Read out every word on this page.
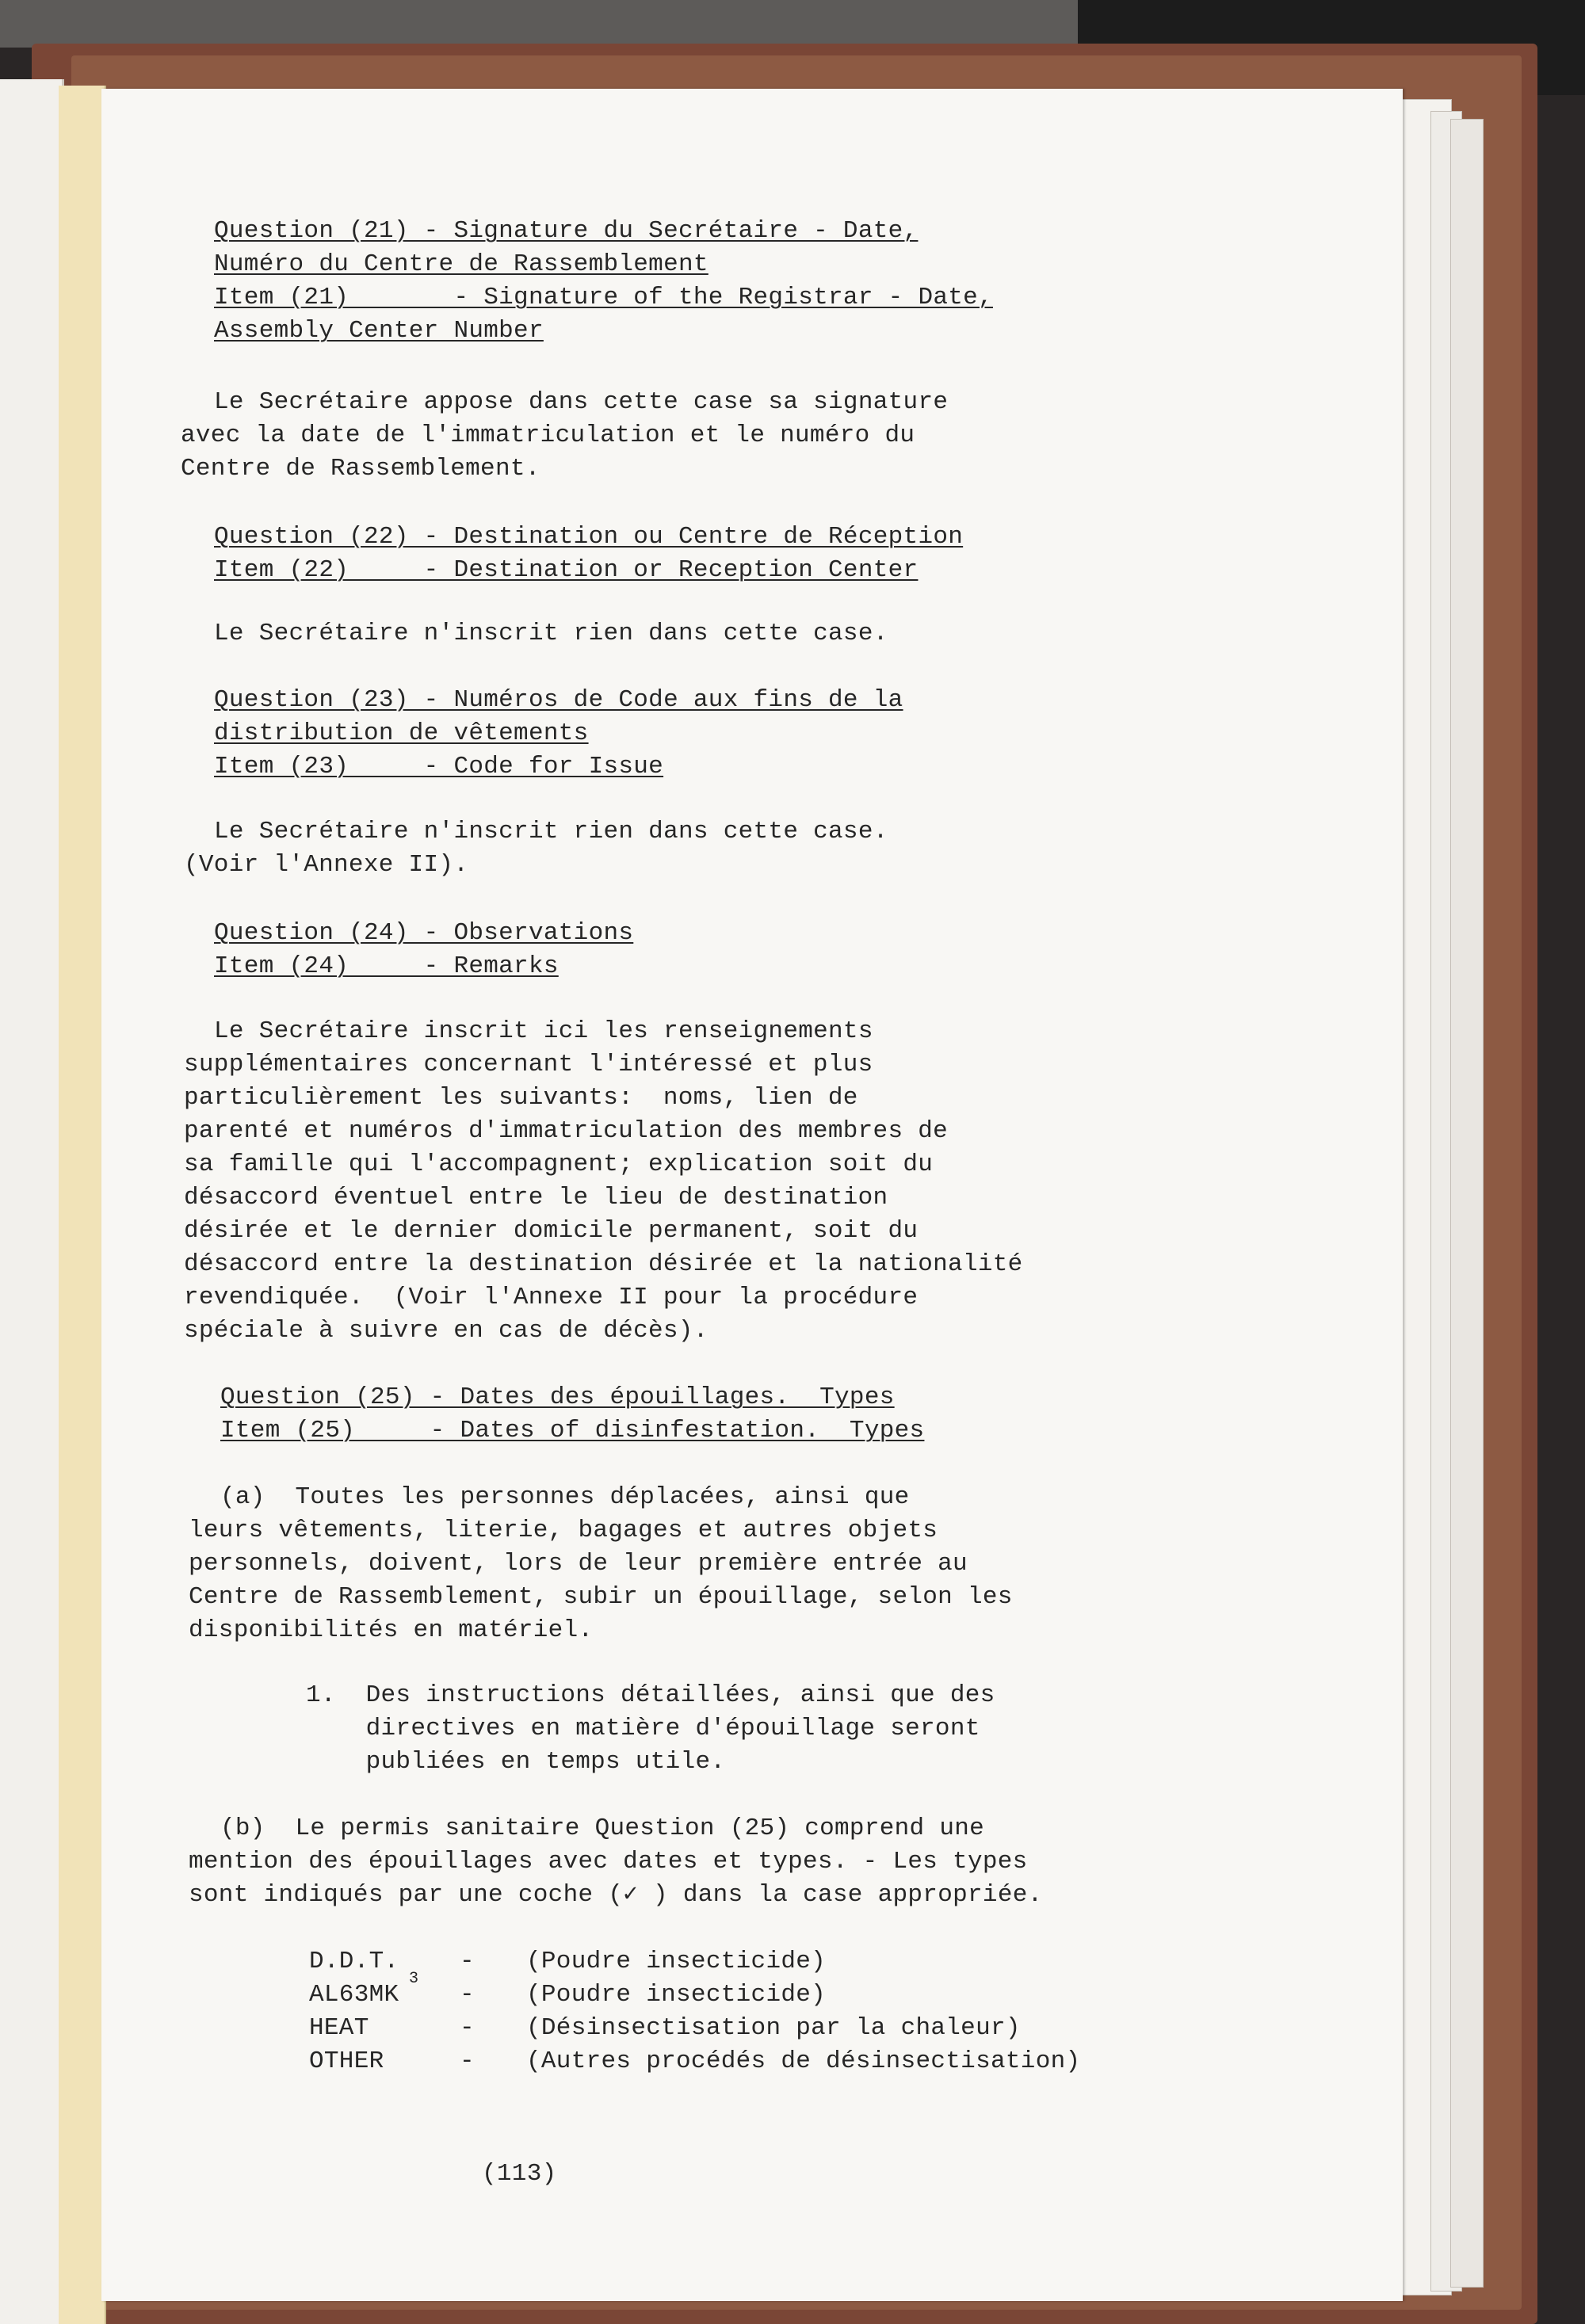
Question (21) - Signature du Secrétaire - Date,

Numéro du Centre de Rassemblement

Item (21)       - Signature of the Registrar - Date,

Assembly Center Number

Le Secrétaire appose dans cette case sa signature

avec la date de l'immatriculation et le numéro du

Centre de Rassemblement.

Question (22) - Destination ou Centre de Réception

Item (22)     - Destination or Reception Center

Le Secrétaire n'inscrit rien dans cette case.

Question (23) - Numéros de Code aux fins de la

distribution de vêtements

Item (23)     - Code for Issue

Le Secrétaire n'inscrit rien dans cette case.

(Voir l'Annexe II).

Question (24) - Observations

Item (24)     - Remarks

Le Secrétaire inscrit ici les renseignements

supplémentaires concernant l'intéressé et plus

particulièrement les suivants:  noms, lien de

parenté et numéros d'immatriculation des membres de

sa famille qui l'accompagnent; explication soit du

désaccord éventuel entre le lieu de destination

désirée et le dernier domicile permanent, soit du

désaccord entre la destination désirée et la nationalité

revendiquée.  (Voir l'Annexe II pour la procédure

spéciale à suivre en cas de décès).

Question (25) - Dates des épouillages.  Types

Item (25)     - Dates of disinfestation.  Types

(a)  Toutes les personnes déplacées, ainsi que

leurs vêtements, literie, bagages et autres objets

personnels, doivent, lors de leur première entrée au

Centre de Rassemblement, subir un épouillage, selon les

disponibilités en matériel.

1.  Des instructions détaillées, ainsi que des

directives en matière d'épouillage seront

publiées en temps utile.

(b)  Le permis sanitaire Question (25) comprend une

mention des épouillages avec dates et types. - Les types

sont indiqués par une coche (✓ ) dans la case appropriée.

D.D.T. - (Poudre insecticide)

AL63MK

3

- (Poudre insecticide)

HEAT	- (Désinsectisation par la chaleur)

OTHER	- (Autres procédés de désinsectisation)

(113)
